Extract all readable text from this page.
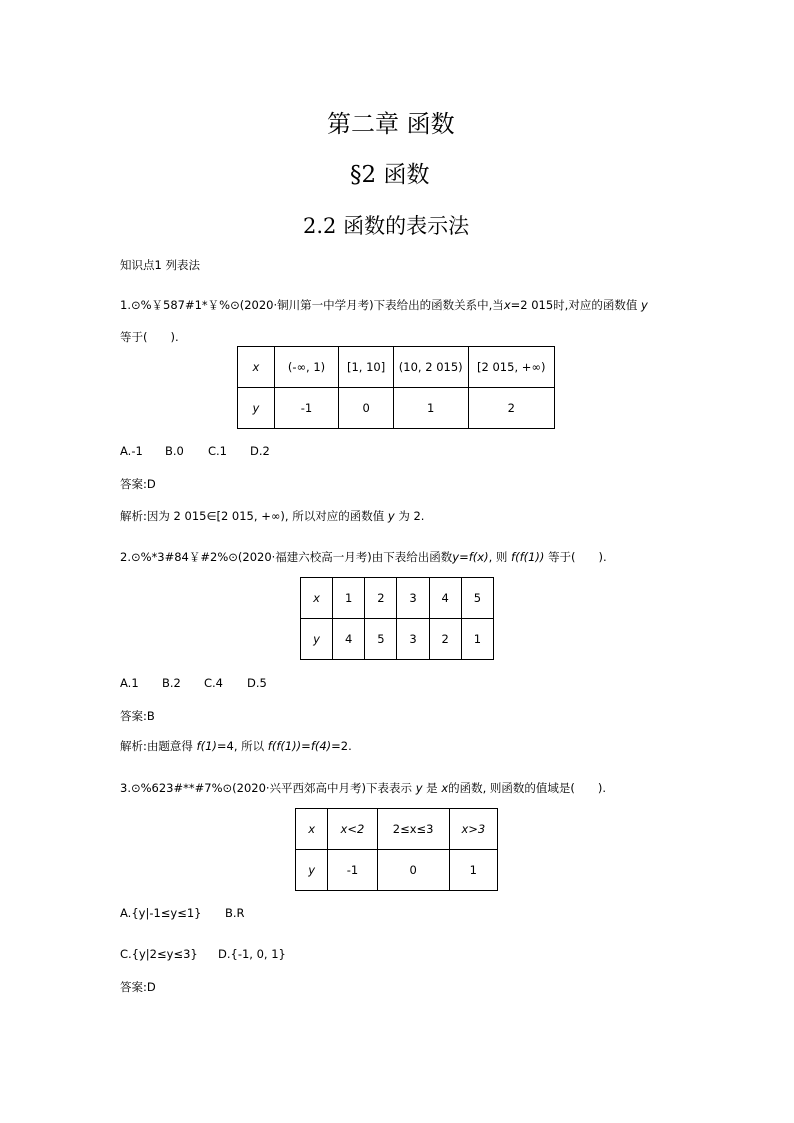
第二章 函数
§2 函数
2.2 函数的表示法
知识点1 列表法
1.⊙%￥587#1*￥%⊙(2020·铜川第一中学月考)下表给出的函数关系中,当x=2 015时,对应的函数值 y
等于(　　).
x	(-∞, 1)	[1, 10]	(10, 2 015)	[2 015, +∞)
y	-1	0	1	2
A.-1 B.0 C.1 D.2
答案:D
解析:因为 2 015∈[2 015, +∞), 所以对应的函数值 y 为 2.
2.⊙%*3#84￥#2%⊙(2020·福建六校高一月考)由下表给出函数y=f(x), 则 f(f(1)) 等于(　　).
x	1	2	3	4	5
y	4	5	3	2	1
A.1 B.2 C.4 D.5
答案:B
解析:由题意得 f(1)=4, 所以 f(f(1))=f(4)=2.
3.⊙%623#**#7%⊙(2020·兴平西郊高中月考)下表表示 y 是 x的函数, 则函数的值域是(　　).
x	x<2	2≤x≤3	x>3
y	-1	0	1
A.{y|-1≤y≤1} B.R
C.{y|2≤y≤3} D.{-1, 0, 1}
答案:D
